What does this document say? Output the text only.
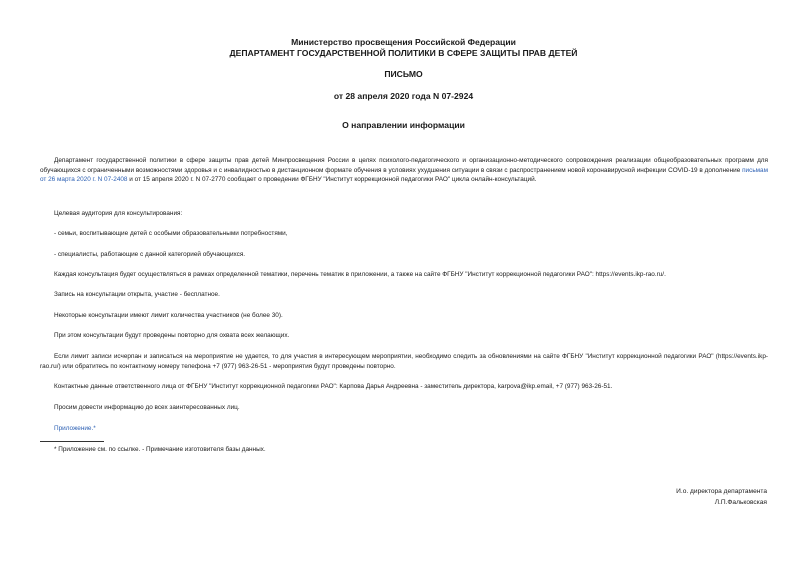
Министерство просвещения Российской Федерации
ДЕПАРТАМЕНТ ГОСУДАРСТВЕННОЙ ПОЛИТИКИ В СФЕРЕ ЗАЩИТЫ ПРАВ ДЕТЕЙ
ПИСЬМО
от 28 апреля 2020 года N 07-2924
О направлении информации

Департамент государственной политики в сфере защиты прав детей Минпросвещения России в целях психолого-педагогического и организационно-методического сопровождения реализации общеобразовательных программ для обучающихся с ограниченными возможностями здоровья и с инвалидностью в дистанционном формате обучения в условиях ухудшения ситуации в связи с распространением новой коронавирусной инфекции COVID-19 в дополнение письмам от 26 марта 2020 г. N 07-2408 и от 15 апреля 2020 г. N 07-2770 сообщает о проведении ФГБНУ "Институт коррекционной педагогики РАО" цикла онлайн-консультаций.

Целевая аудитория для консультирования:

- семьи, воспитывающие детей с особыми образовательными потребностями,

- специалисты, работающие с данной категорией обучающихся.

Каждая консультация будет осуществляться в рамках определенной тематики, перечень тематик в приложении, а также на сайте ФГБНУ "Институт коррекционной педагогики РАО": https://events.ikp-rao.ru/.

Запись на консультации открыта, участие - бесплатное.

Некоторые консультации имеют лимит количества участников (не более 30).

При этом консультации будут проведены повторно для охвата всех желающих.

Если лимит записи исчерпан и записаться на мероприятие не удается, то для участия в интересующем мероприятии, необходимо следить за обновлениями на сайте ФГБНУ "Институт коррекционной педагогики РАО" (https://events.ikp-rao.ru/) или обратитесь по контактному номеру телефона +7 (977) 963-26-51 - мероприятия будут проведены повторно.

Контактные данные ответственного лица от ФГБНУ "Институт коррекционной педагогики РАО": Карпова Дарья Андреевна - заместитель директора, karpova@ikp.email, +7 (977) 963-26-51.

Просим довести информацию до всех заинтересованных лиц.

Приложение.*

* Приложение см. по ссылке. - Примечание изготовителя базы данных.
И.о. директора департамента
Л.П.Фальковская
